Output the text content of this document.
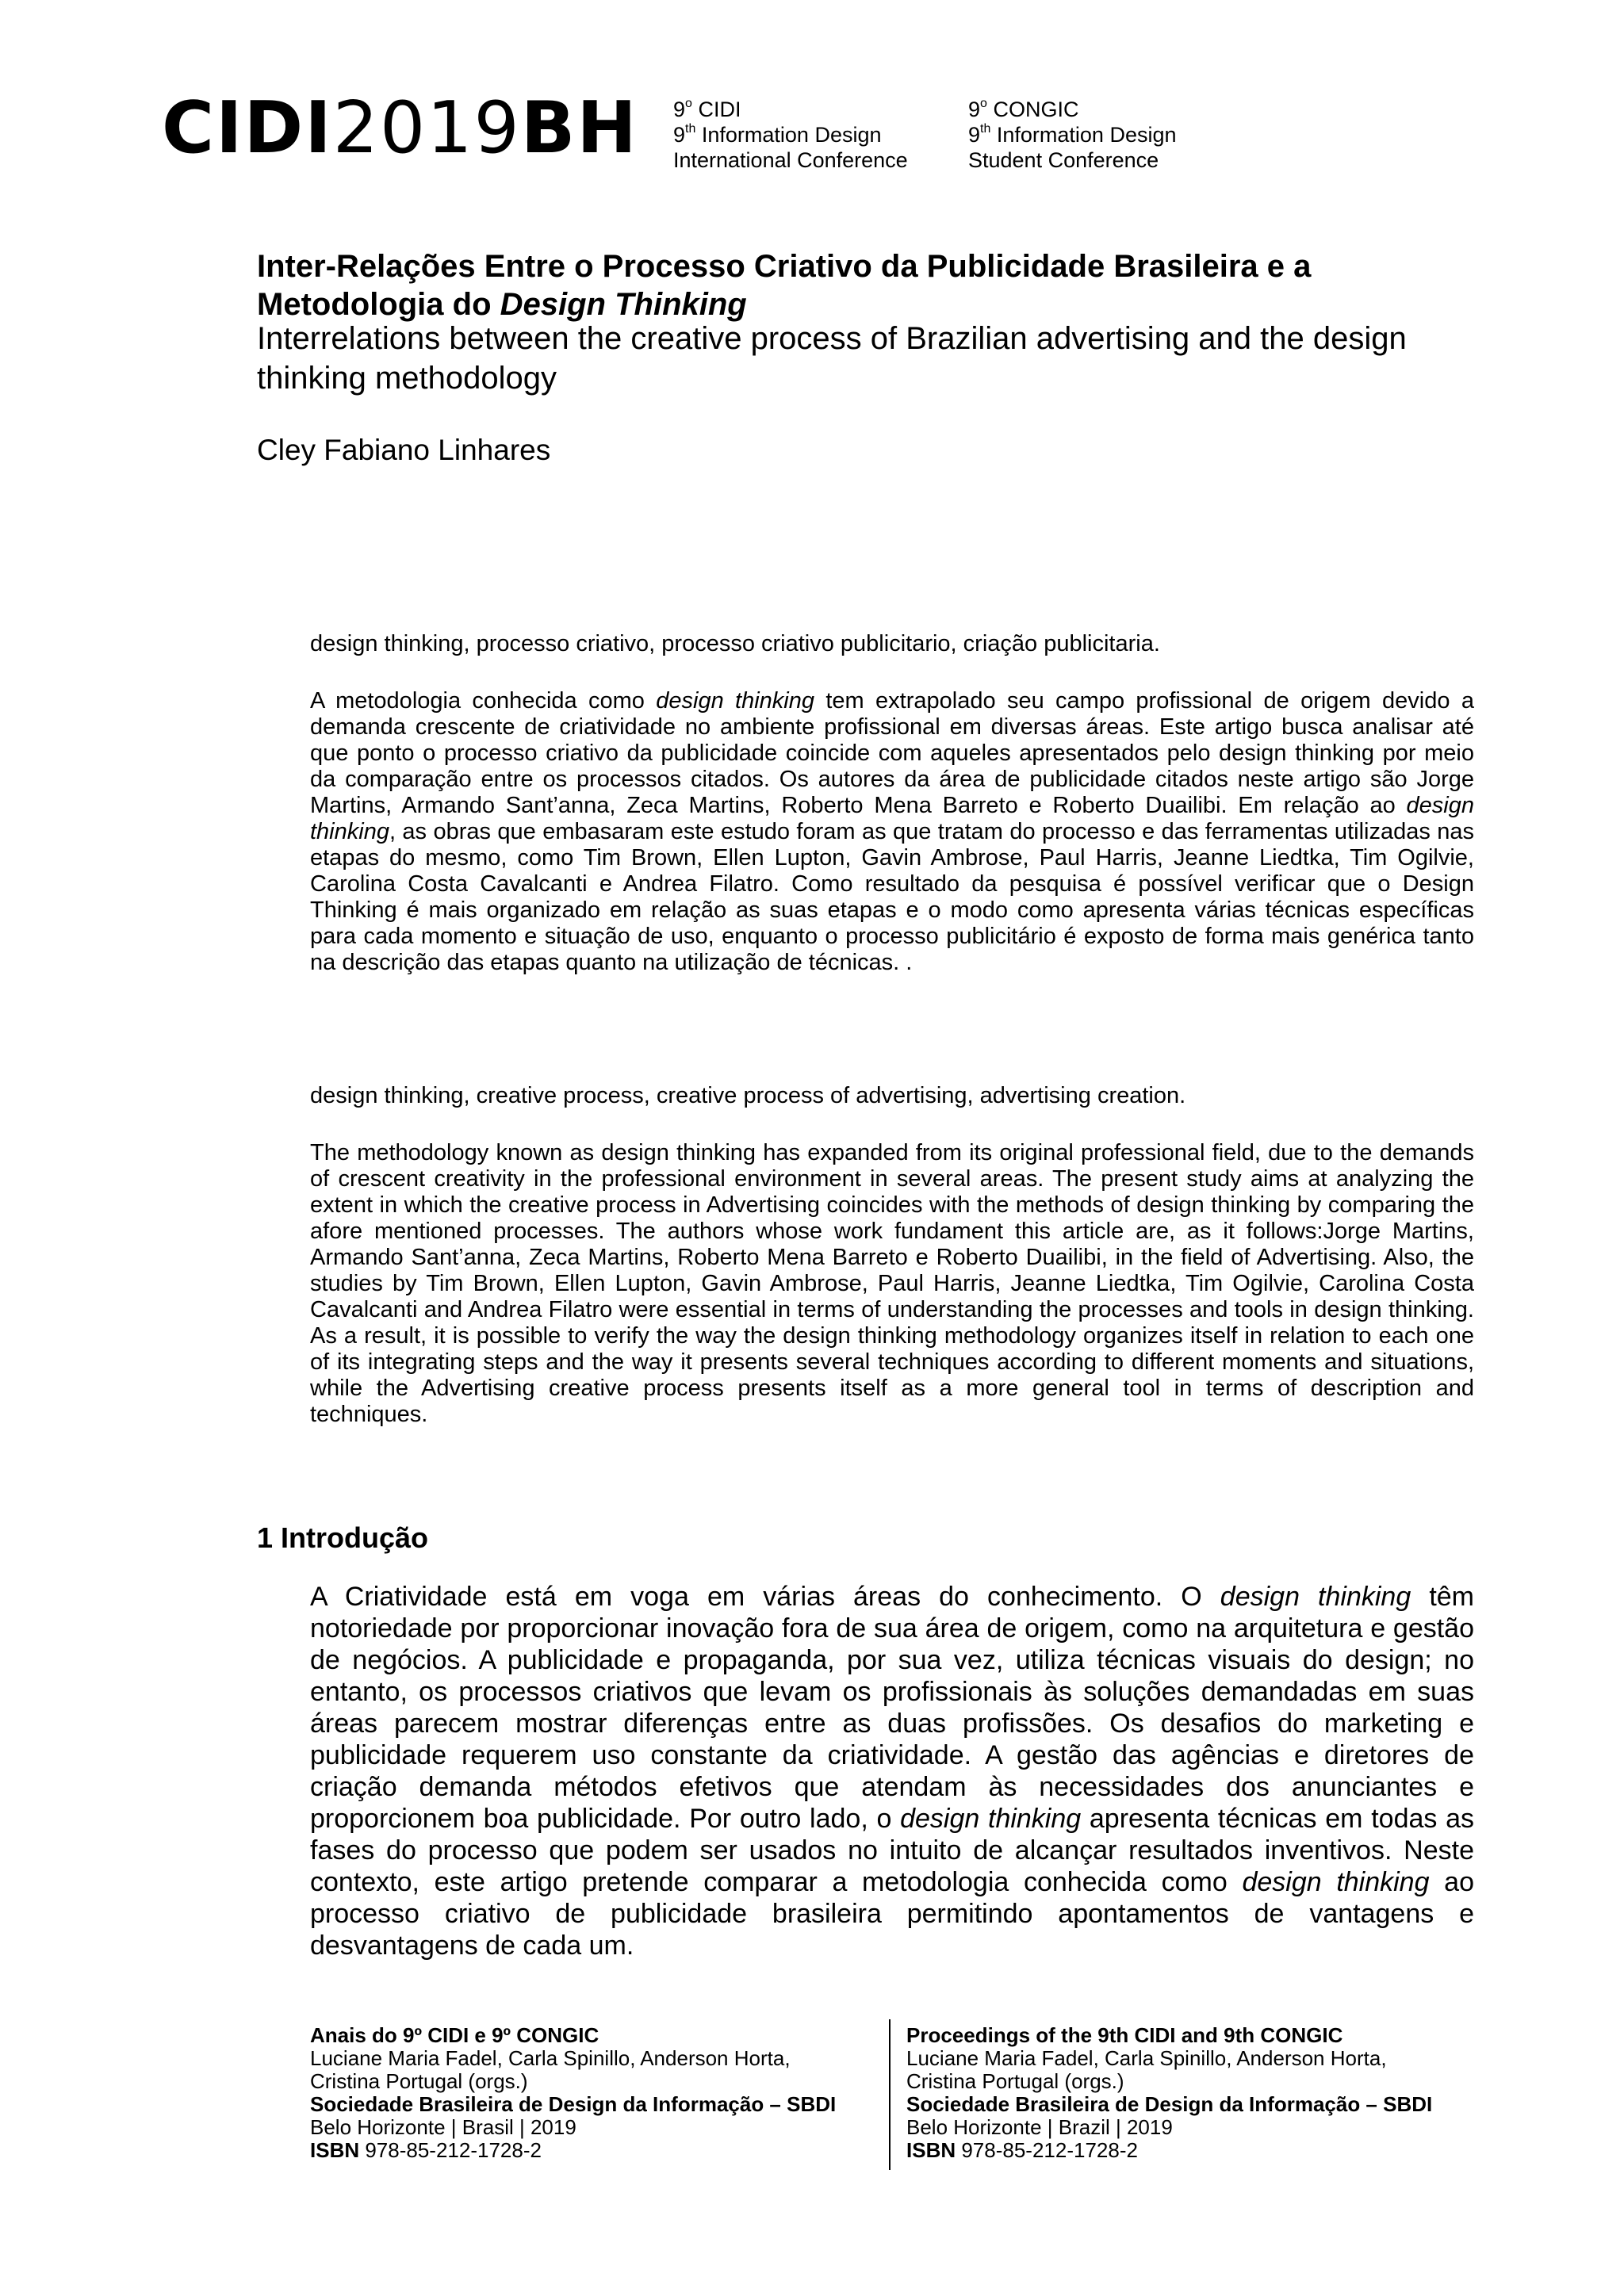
CIDI2019BH 9$^o$ CIDI
9th Information Design
International Conference
9$^o$ CONGIC
9th Information Design
Student Conference
Inter-Relações Entre o Processo Criativo da Publicidade Brasileira e a Metodologia do Design Thinking
Interrelations between the creative process of Brazilian advertising and the design thinking methodology
Cley Fabiano Linhares
design thinking, processo criativo, processo criativo publicitario, criação publicitaria.
A metodologia conhecida como design thinking tem extrapolado seu campo profissional de origem devido a demanda crescente de criatividade no ambiente profissional em diversas áreas. Este artigo busca analisar até que ponto o processo criativo da publicidade coincide com aqueles apresentados pelo design thinking por meio da comparação entre os processos citados. Os autores da área de publicidade citados neste artigo são Jorge Martins, Armando Sant’anna, Zeca Martins, Roberto Mena Barreto e Roberto Duailibi. Em relação ao design thinking, as obras que embasaram este estudo foram as que tratam do processo e das ferramentas utilizadas nas etapas do mesmo, como Tim Brown, Ellen Lupton, Gavin Ambrose, Paul Harris, Jeanne Liedtka, Tim Ogilvie, Carolina Costa Cavalcanti e Andrea Filatro. Como resultado da pesquisa é possível verificar que o Design Thinking é mais organizado em relação as suas etapas e o modo como apresenta várias técnicas específicas para cada momento e situação de uso, enquanto o processo publicitário é exposto de forma mais genérica tanto na descrição das etapas quanto na utilização de técnicas. .
design thinking, creative process, creative process of advertising, advertising creation.
The methodology known as design thinking has expanded from its original professional field, due to the demands of crescent creativity in the professional environment in several areas. The present study aims at analyzing the extent in which the creative process in Advertising coincides with the methods of design thinking by comparing the afore mentioned processes. The authors whose work fundament this article are, as it follows:Jorge Martins, Armando Sant’anna, Zeca Martins, Roberto Mena Barreto e Roberto Duailibi, in the field of Advertising. Also, the studies by Tim Brown, Ellen Lupton, Gavin Ambrose, Paul Harris, Jeanne Liedtka, Tim Ogilvie, Carolina Costa Cavalcanti and Andrea Filatro were essential in terms of understanding the processes and tools in design thinking. As a result, it is possible to verify the way the design thinking methodology organizes itself in relation to each one of its integrating steps and the way it presents several techniques according to different moments and situations, while the Advertising creative process presents itself as a more general tool in terms of description and techniques.
1 Introdução
A Criatividade está em voga em várias áreas do conhecimento. O design thinking têm notoriedade por proporcionar inovação fora de sua área de origem, como na arquitetura e gestão de negócios. A publicidade e propaganda, por sua vez, utiliza técnicas visuais do design; no entanto, os processos criativos que levam os profissionais às soluções demandadas em suas áreas parecem mostrar diferenças entre as duas profissões. Os desafios do marketing e publicidade requerem uso constante da criatividade. A gestão das agências e diretores de criação demanda métodos efetivos que atendam às necessidades dos anunciantes e proporcionem boa publicidade. Por outro lado, o design thinking apresenta técnicas em todas as fases do processo que podem ser usados no intuito de alcançar resultados inventivos. Neste contexto, este artigo pretende comparar a metodologia conhecida como design thinking ao processo criativo de publicidade brasileira permitindo apontamentos de vantagens e desvantagens de cada um.
Anais do 9º CIDI e 9º CONGIC
Luciane Maria Fadel, Carla Spinillo, Anderson Horta,
Cristina Portugal (orgs.)
Sociedade Brasileira de Design da Informação – SBDI
Belo Horizonte | Brasil | 2019
ISBN 978-85-212-1728-2
Proceedings of the 9th CIDI and 9th CONGIC
Luciane Maria Fadel, Carla Spinillo, Anderson Horta,
Cristina Portugal (orgs.)
Sociedade Brasileira de Design da Informação – SBDI
Belo Horizonte | Brazil | 2019
ISBN 978-85-212-1728-2
